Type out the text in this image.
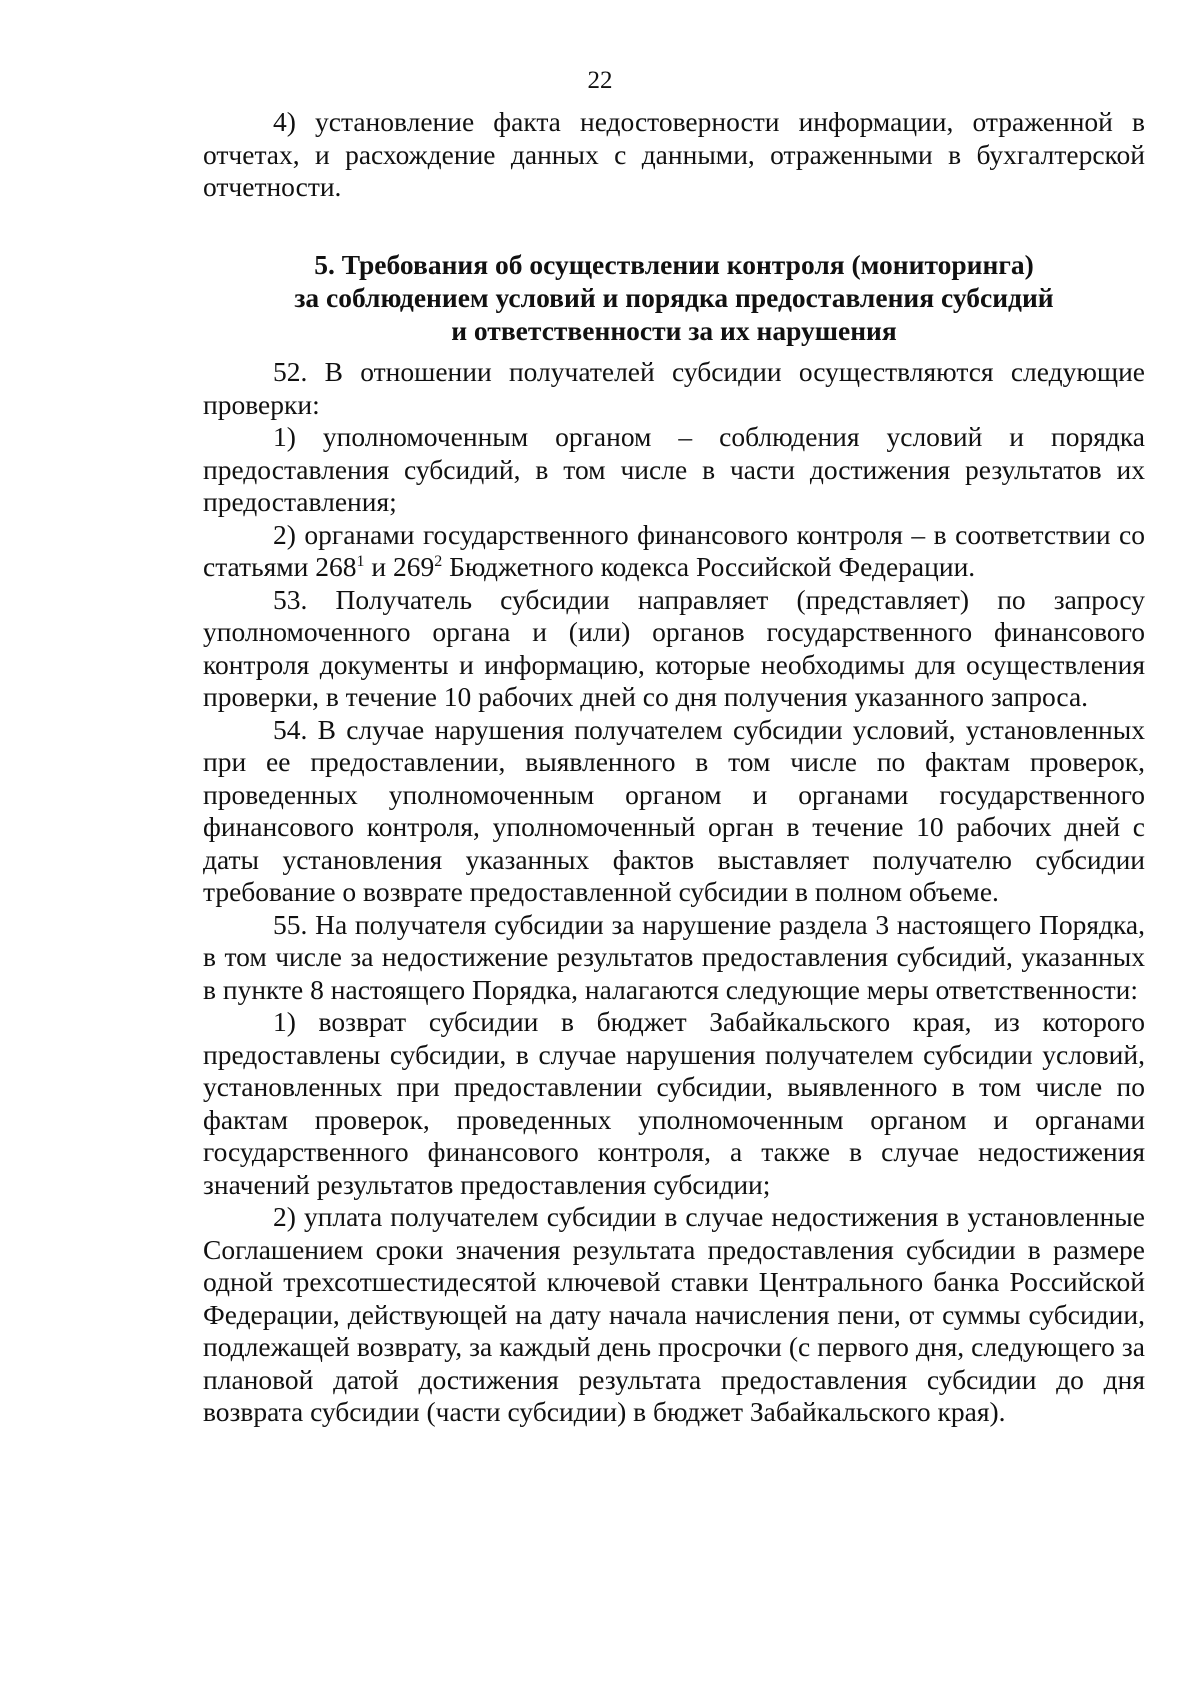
22

4) установление факта недостоверности информации, отраженной в отчетах, и расхождение данных с данными, отраженными в бухгалтерской отчетности.

5. Требования об осуществлении контроля (мониторинга)
за соблюдением условий и порядка предоставления субсидий
и ответственности за их нарушения

52. В отношении получателей субсидии осуществляются следующие проверки:

1) уполномоченным органом – соблюдения условий и порядка предоставления субсидий, в том числе в части достижения результатов их предоставления;

2) органами государственного финансового контроля – в соответствии со статьями $268^1$ и $269^2$ Бюджетного кодекса Российской Федерации.

53. Получатель субсидии направляет (представляет) по запросу уполномоченного органа и (или) органов государственного финансового контроля документы и информацию, которые необходимы для осуществления проверки, в течение 10 рабочих дней со дня получения указанного запроса.

54. В случае нарушения получателем субсидии условий, установленных при ее предоставлении, выявленного в том числе по фактам проверок, проведенных уполномоченным органом и органами государственного финансового контроля, уполномоченный орган в течение 10 рабочих дней с даты установления указанных фактов выставляет получателю субсидии требование о возврате предоставленной субсидии в полном объеме.

55. На получателя субсидии за нарушение раздела 3 настоящего Порядка, в том числе за недостижение результатов предоставления субсидий, указанных в пункте 8 настоящего Порядка, налагаются следующие меры ответственности:

1) возврат субсидии в бюджет Забайкальского края, из которого предоставлены субсидии, в случае нарушения получателем субсидии условий, установленных при предоставлении субсидии, выявленного в том числе по фактам проверок, проведенных уполномоченным органом и органами государственного финансового контроля, а также в случае недостижения значений результатов предоставления субсидии;

2) уплата получателем субсидии в случае недостижения в установленные Соглашением сроки значения результата предоставления субсидии в размере одной трехсотшестидесятой ключевой ставки Центрального банка Российской Федерации, действующей на дату начала начисления пени, от суммы субсидии, подлежащей возврату, за каждый день просрочки (с первого дня, следующего за плановой датой достижения результата предоставления субсидии до дня возврата субсидии (части субсидии) в бюджет Забайкальского края).
